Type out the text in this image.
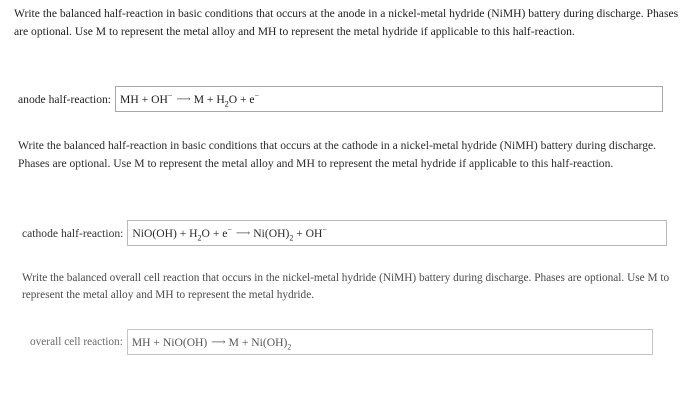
Write the balanced half-reaction in basic conditions that occurs at the anode in a nickel-metal hydride (NiMH) battery during discharge. Phases are optional. Use M to represent the metal alloy and MH to represent the metal hydride if applicable to this half-reaction.
anode half-reaction: MH + OH− ⟶ $M + H_2O + e^-$
Write the balanced half-reaction in basic conditions that occurs at the cathode in a nickel-metal hydride (NiMH) battery during discharge. Phases are optional. Use M to represent the metal alloy and MH to represent the metal hydride if applicable to this half-reaction.
cathode half-reaction: $NiO(OH) + H_2O + e^-$ ⟶ $Ni(OH)_2 + OH^-$
Write the balanced overall cell reaction that occurs in the nickel-metal hydride (NiMH) battery during discharge. Phases are optional. Use M to represent the metal alloy and MH to represent the metal hydride.
overall cell reaction: MH + NiO(OH) ⟶ $M + Ni(OH)_2$
